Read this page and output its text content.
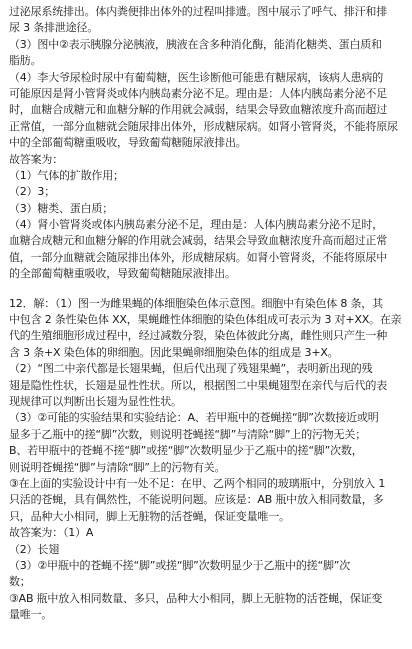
过泌尿系统排出。体内粪便排出体外的过程叫排遗。图中展示了呼气、排汗和排
尿 3 条排泄途径。
（3）图中②表示胰腺分泌胰液，胰液在含多种消化酶，能消化糖类、蛋白质和
脂肪。
（4）李大爷尿检时尿中有葡萄糖，医生诊断他可能患有糖尿病，该病人患病的
可能原因是肾小管肾炎或体内胰岛素分泌不足。理由是：人体内胰岛素分泌不足
时，血糖合成糖元和血糖分解的作用就会减弱，结果会导致血糖浓度升高而超过
正常值，一部分血糖就会随尿排出体外，形成糖尿病。如肾小管肾炎，不能将原尿
中的全部葡萄糖重吸收，导致葡萄糖随尿液排出。
故答案为：
（1）气体的扩散作用；
（2）3；
（3）糖类、蛋白质；
（4）肾小管肾炎或体内胰岛素分泌不足，理由是：人体内胰岛素分泌不足时，
血糖合成糖元和血糖分解的作用就会减弱，结果会导致血糖浓度升高而超过正常
值，一部分血糖就会随尿排出体外，形成糖尿病。如肾小管肾炎，不能将原尿中
的全部葡萄糖重吸收，导致葡萄糖随尿液排出。
12．解：（1）图一为雌果蝇的体细胞染色体示意图。细胞中有染色体 8 条，其
中包含 2 条性染色体 XX，果蝇雌性体细胞的染色体组成可表示为 3 对+XX。在亲
代的生殖细胞形成过程中，经过减数分裂，染色体彼此分离，雌性则只产生一种
含 3 条+X 染色体的卵细胞。因此果蝇卵细胞染色体的组成是 3+X。
（2）“图二中亲代都是长翅果蝇，但后代出现了残翅果蝇”，表明新出现的残
翅是隐性性状，长翅是显性性状。所以，根据图二中果蝇翅型在亲代与后代的表
现规律可以判断出长翅为显性性状。
（3）②可能的实验结果和实验结论：A、若甲瓶中的苍蝇搓“脚”次数接近或明
显多于乙瓶中的搓“脚”次数，则说明苍蝇搓“脚”与清除“脚”上的污物无关；
B、若甲瓶中的苍蝇不搓“脚”或搓“脚”次数明显少于乙瓶中的搓“脚”次数，
则说明苍蝇搓“脚”与清除“脚”上的污物有关。
③在上面的实验设计中有一处不足：在甲、乙两个相同的玻璃瓶中，分别放入 1
只活的苍蝇，具有偶然性，不能说明问题。应该是：AB 瓶中放入相同数量，多
只，品种大小相同，脚上无脏物的活苍蝇，保证变量唯一。
故答案为：（1）A
（2）长翅
（3）②甲瓶中的苍蝇不搓“脚”或搓“脚”次数明显少于乙瓶中的搓“脚”次
数；
③AB 瓶中放入相同数量、多只，品种大小相同，脚上无脏物的活苍蝇，保证变
量唯一。
